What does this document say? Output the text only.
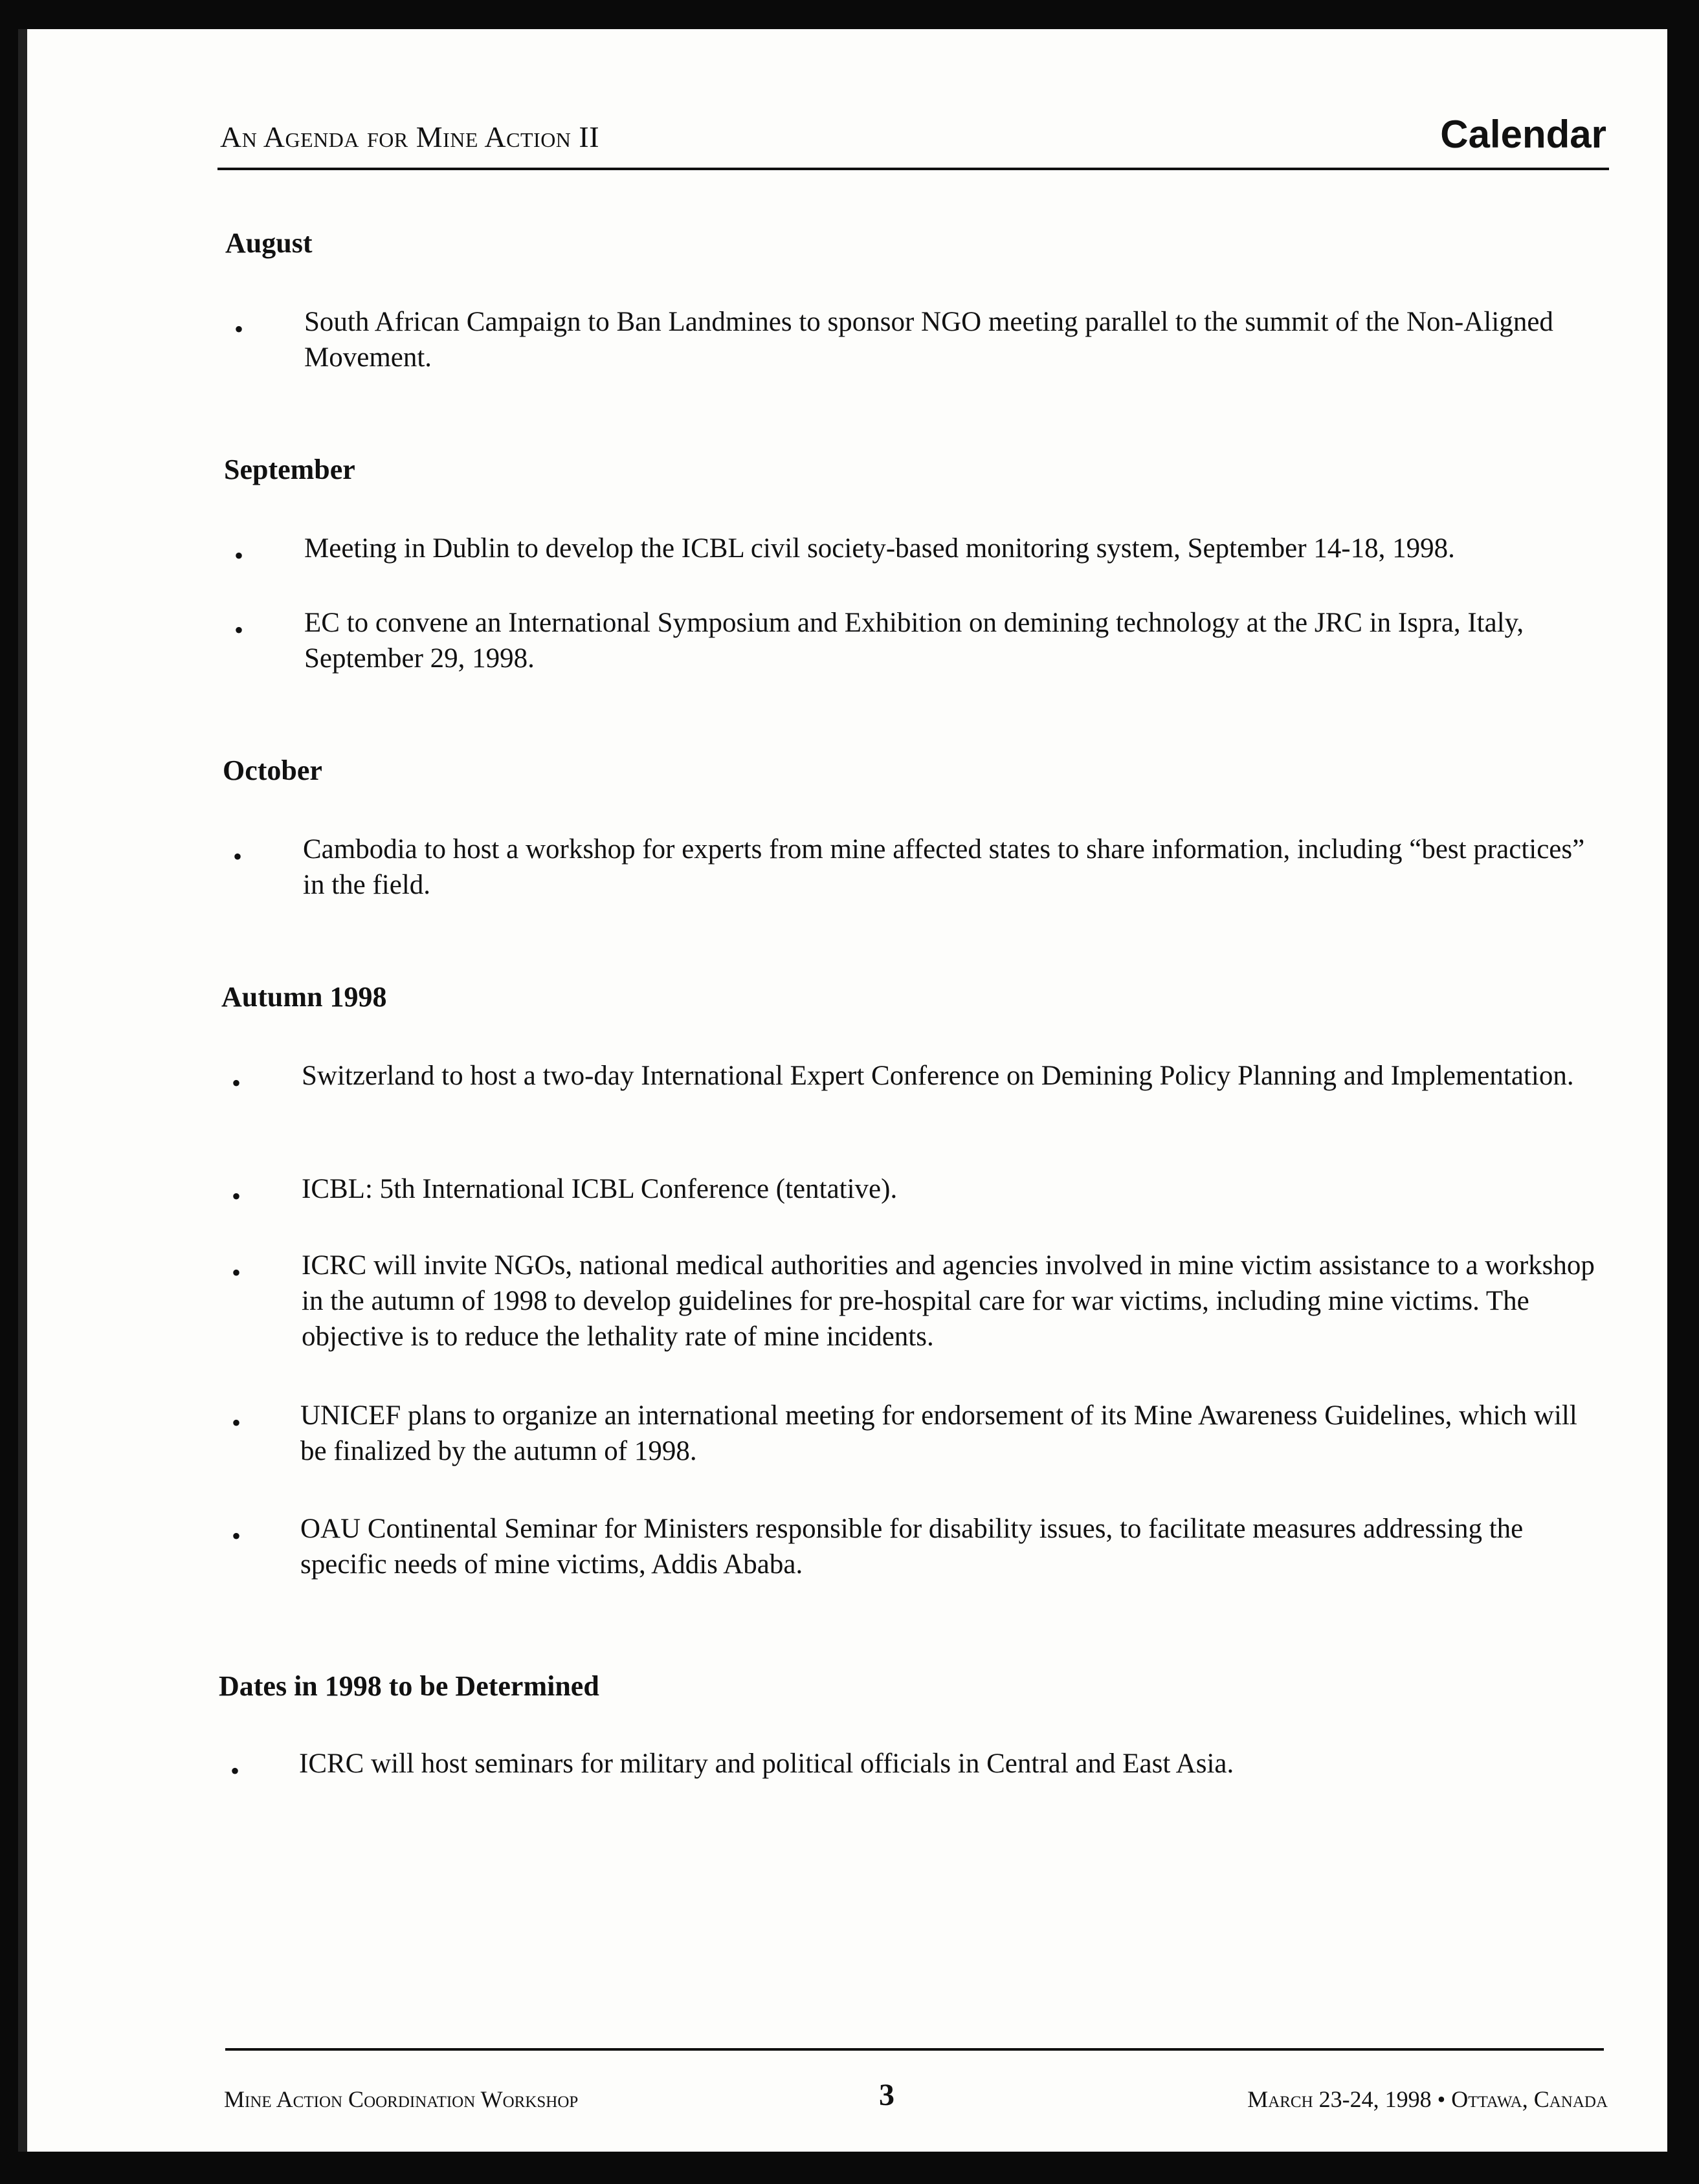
An Agenda for Mine Action II	Calendar
August
• South African Campaign to Ban Landmines to sponsor NGO meeting parallel to the summit of the Non-Aligned Movement.
September
• Meeting in Dublin to develop the ICBL civil society-based monitoring system, September 14-18, 1998.
• EC to convene an International Symposium and Exhibition on demining technology at the JRC in Ispra, Italy, September 29, 1998.
October
• Cambodia to host a workshop for experts from mine affected states to share information, including “best practices” in the field.
Autumn 1998
• Switzerland to host a two-day International Expert Conference on Demining Policy Planning and Implementation.
• ICBL: 5th International ICBL Conference (tentative).
• ICRC will invite NGOs, national medical authorities and agencies involved in mine victim assistance to a workshop in the autumn of 1998 to develop guidelines for pre-hospital care for war victims, including mine victims. The objective is to reduce the lethality rate of mine incidents.
• UNICEF plans to organize an international meeting for endorsement of its Mine Awareness Guidelines, which will be finalized by the autumn of 1998.
• OAU Continental Seminar for Ministers responsible for disability issues, to facilitate measures addressing the specific needs of mine victims, Addis Ababa.
Dates in 1998 to be Determined
• ICRC will host seminars for military and political officials in Central and East Asia.
Mine Action Coordination Workshop	3	March 23-24, 1998 • Ottawa, Canada
